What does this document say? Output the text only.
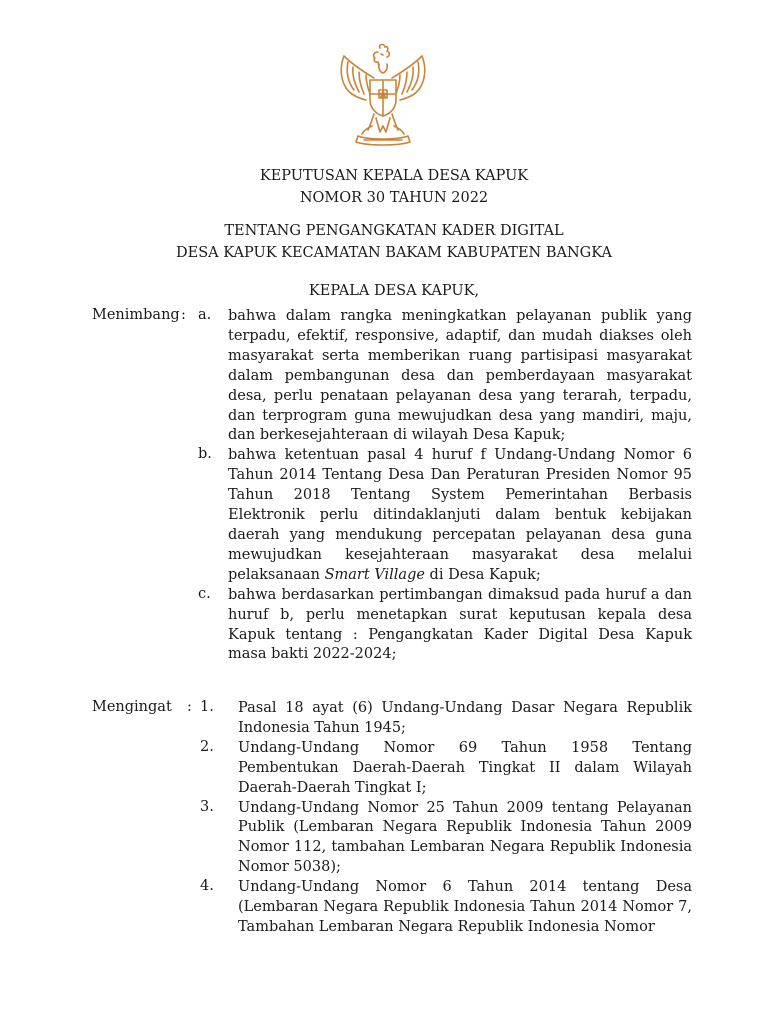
KEPUTUSAN KEPALA DESA KAPUK
NOMOR 30 TAHUN 2022
TENTANG PENGANGKATAN KADER DIGITAL
DESA KAPUK KECAMATAN BAKAM KABUPATEN BANGKA
KEPALA DESA KAPUK,
Menimbang : a. bahwa dalam rangka meningkatkan pelayanan publik yang terpadu, efektif, responsive, adaptif, dan mudah diakses oleh masyarakat serta memberikan ruang partisipasi masyarakat dalam pembangunan desa dan pemberdayaan masyarakat desa, perlu penataan pelayanan desa yang terarah, terpadu, dan terprogram guna mewujudkan desa yang mandiri, maju, dan berkesejahteraan di wilayah Desa Kapuk;
b. bahwa ketentuan pasal 4 huruf f Undang-Undang Nomor 6 Tahun 2014 Tentang Desa Dan Peraturan Presiden Nomor 95 Tahun 2018 Tentang System Pemerintahan Berbasis Elektronik perlu ditindaklanjuti dalam bentuk kebijakan daerah yang mendukung percepatan pelayanan desa guna mewujudkan kesejahteraan masyarakat desa melalui pelaksanaan Smart Village di Desa Kapuk;
c. bahwa berdasarkan pertimbangan dimaksud pada huruf a dan huruf b, perlu menetapkan surat keputusan kepala desa Kapuk tentang : Pengangkatan Kader Digital Desa Kapuk masa bakti 2022-2024;
Mengingat : 1. Pasal 18 ayat (6) Undang-Undang Dasar Negara Republik Indonesia Tahun 1945;
2. Undang-Undang Nomor 69 Tahun 1958 Tentang Pembentukan Daerah-Daerah Tingkat II dalam Wilayah Daerah-Daerah Tingkat I;
3. Undang-Undang Nomor 25 Tahun 2009 tentang Pelayanan Publik (Lembaran Negara Republik Indonesia Tahun 2009 Nomor 112, tambahan Lembaran Negara Republik Indonesia Nomor 5038);
4. Undang-Undang Nomor 6 Tahun 2014 tentang Desa (Lembaran Negara Republik Indonesia Tahun 2014 Nomor 7, Tambahan Lembaran Negara Republik Indonesia Nomor
